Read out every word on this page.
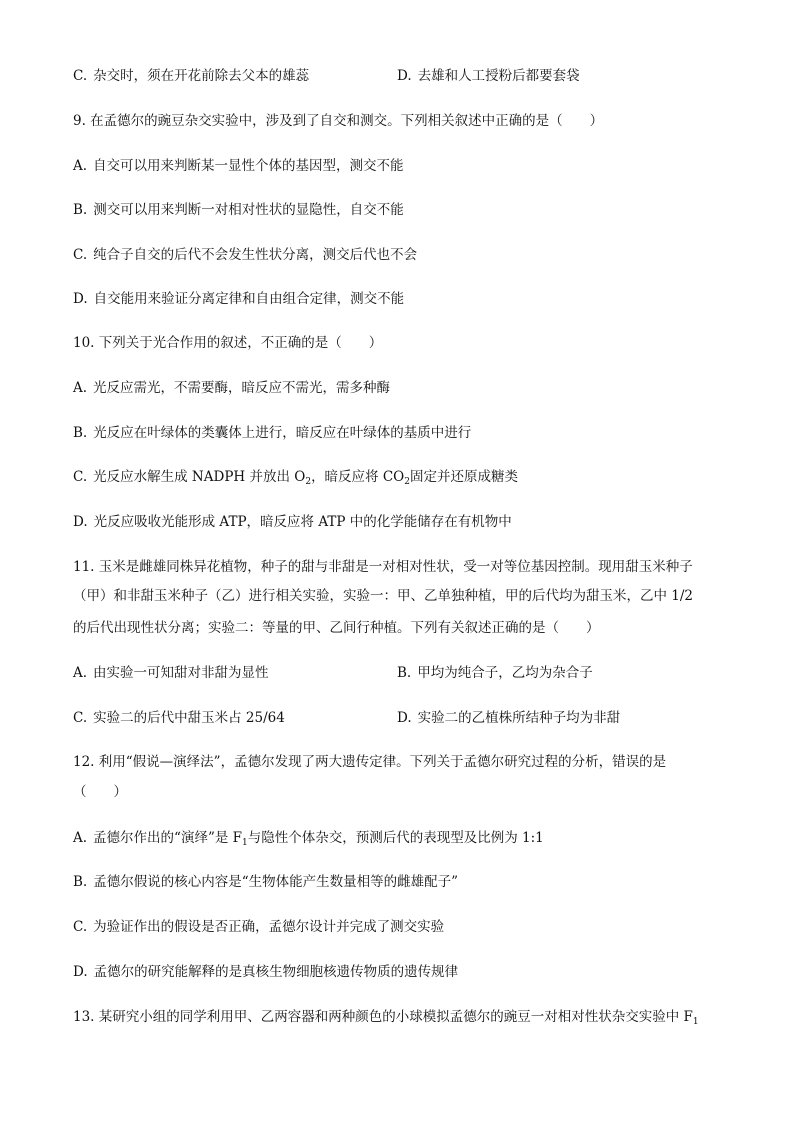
C. 杂交时，须在开花前除去父本的雄蕊	D. 去雄和人工授粉后都要套袋
9. 在孟德尔的豌豆杂交实验中，涉及到了自交和测交。下列相关叙述中正确的是（　　）
A. 自交可以用来判断某一显性个体的基因型，测交不能
B. 测交可以用来判断一对相对性状的显隐性，自交不能
C. 纯合子自交的后代不会发生性状分离，测交后代也不会
D. 自交能用来验证分离定律和自由组合定律，测交不能
10. 下列关于光合作用的叙述，不正确的是（　　）
A. 光反应需光，不需要酶，暗反应不需光，需多种酶
B. 光反应在叶绿体的类囊体上进行，暗反应在叶绿体的基质中进行
C. 光反应水解生成 NADPH 并放出 $O_2$，暗反应将 $CO_2$固定并还原成糖类
D. 光反应吸收光能形成 ATP，暗反应将 ATP 中的化学能储存在有机物中
11. 玉米是雌雄同株异花植物，种子的甜与非甜是一对相对性状，受一对等位基因控制。现用甜玉米种子
（甲）和非甜玉米种子（乙）进行相关实验，实验一：甲、乙单独种植，甲的后代均为甜玉米，乙中 1/2
的后代出现性状分离；实验二：等量的甲、乙间行种植。下列有关叙述正确的是（　　）
A. 由实验一可知甜对非甜为显性	B. 甲均为纯合子，乙均为杂合子
C. 实验二的后代中甜玉米占 25/64	D. 实验二的乙植株所结种子均为非甜
12. 利用“假说—演绎法”，孟德尔发现了两大遗传定律。下列关于孟德尔研究过程的分析，错误的是
（　　）
A. 孟德尔作出的“演绎”是 $F_1$与隐性个体杂交，预测后代的表现型及比例为 1:1
B. 孟德尔假说的核心内容是“生物体能产生数量相等的雌雄配子”
C. 为验证作出的假设是否正确，孟德尔设计并完成了测交实验
D. 孟德尔的研究能解释的是真核生物细胞核遗传物质的遗传规律
13. 某研究小组的同学利用甲、乙两容器和两种颜色的小球模拟孟德尔的豌豆一对相对性状杂交实验中 $F_1$
